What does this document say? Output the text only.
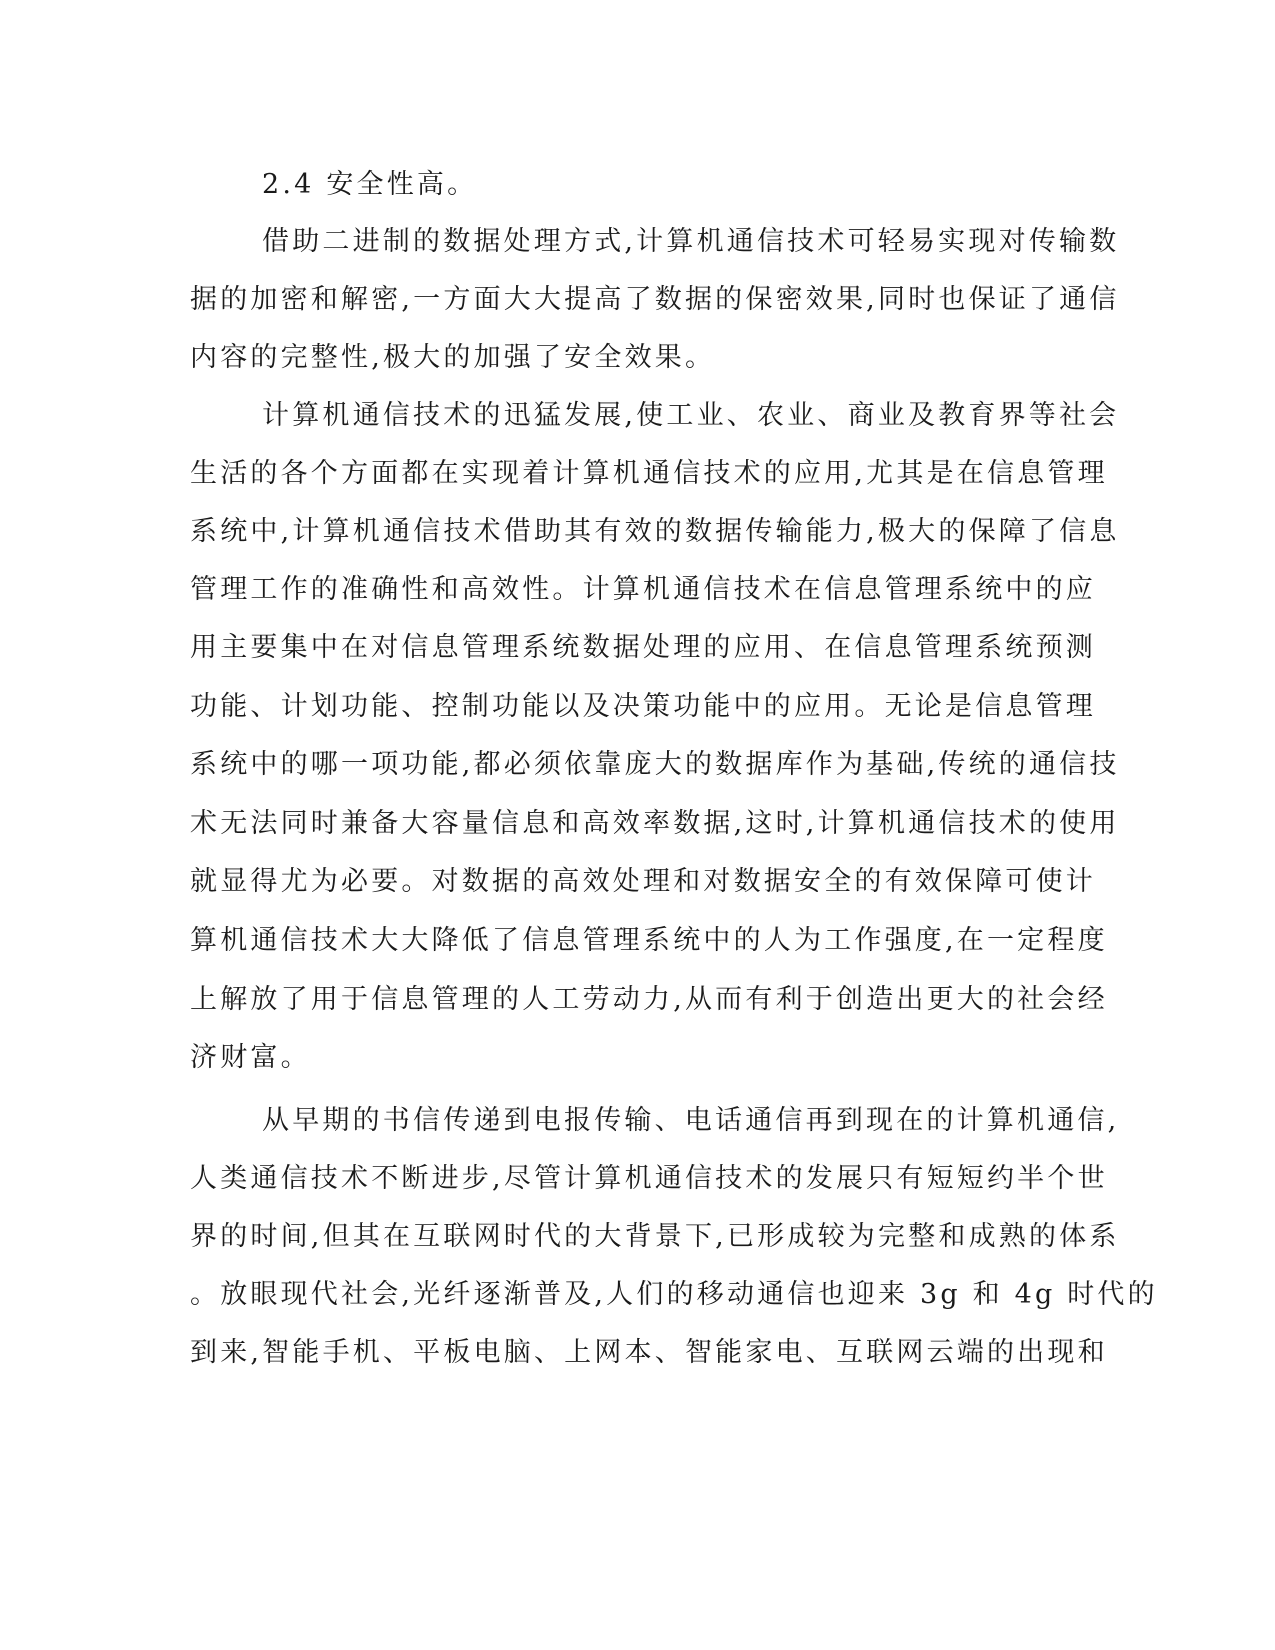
2.4 安全性高。
借助二进制的数据处理方式,计算机通信技术可轻易实现对传输数
据的加密和解密,一方面大大提高了数据的保密效果,同时也保证了通信
内容的完整性,极大的加强了安全效果。
计算机通信技术的迅猛发展,使工业、农业、商业及教育界等社会
生活的各个方面都在实现着计算机通信技术的应用,尤其是在信息管理
系统中,计算机通信技术借助其有效的数据传输能力,极大的保障了信息
管理工作的准确性和高效性。计算机通信技术在信息管理系统中的应
用主要集中在对信息管理系统数据处理的应用、在信息管理系统预测
功能、计划功能、控制功能以及决策功能中的应用。无论是信息管理
系统中的哪一项功能,都必须依靠庞大的数据库作为基础,传统的通信技
术无法同时兼备大容量信息和高效率数据,这时,计算机通信技术的使用
就显得尤为必要。对数据的高效处理和对数据安全的有效保障可使计
算机通信技术大大降低了信息管理系统中的人为工作强度,在一定程度
上解放了用于信息管理的人工劳动力,从而有利于创造出更大的社会经
济财富。
从早期的书信传递到电报传输、电话通信再到现在的计算机通信,
人类通信技术不断进步,尽管计算机通信技术的发展只有短短约半个世
界的时间,但其在互联网时代的大背景下,已形成较为完整和成熟的体系
。放眼现代社会,光纤逐渐普及,人们的移动通信也迎来 3g 和 4g 时代的
到来,智能手机、平板电脑、上网本、智能家电、互联网云端的出现和
